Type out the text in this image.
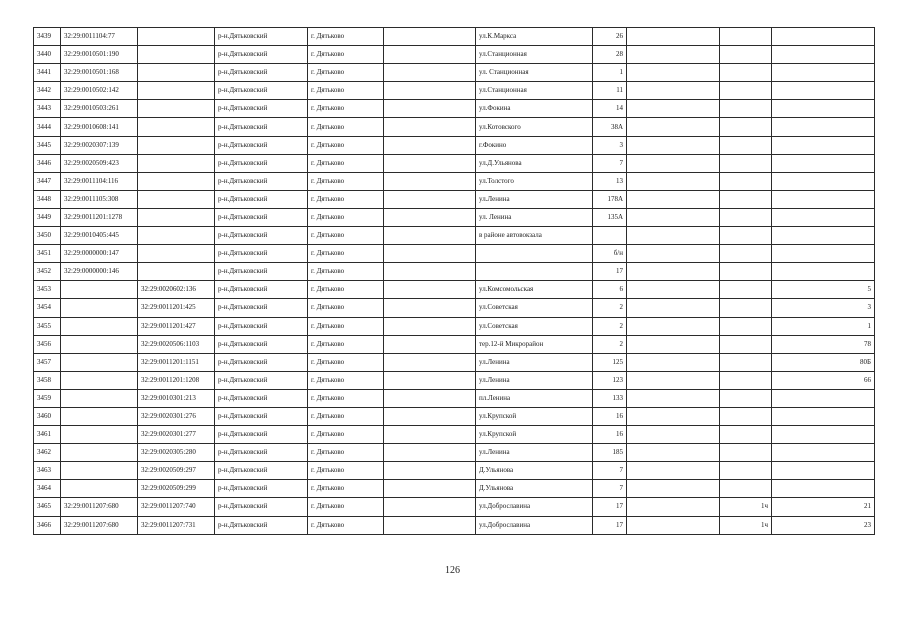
3439	32:29:0011104:77		р-н.Дятьковский	г. Дятьково		ул.К.Маркса	26			
3440	32:29:0010501:190		р-н.Дятьковский	г. Дятьково		ул.Станционная	28			
3441	32:29:0010501:168		р-н.Дятьковский	г. Дятьково		ул. Станционная	1			
3442	32:29:0010502:142		р-н.Дятьковский	г. Дятьково		ул.Станционная	11			
3443	32:29:0010503:261		р-н.Дятьковский	г. Дятьково		ул.Фокина	14			
3444	32:29:0010608:141		р-н.Дятьковский	г. Дятьково		ул.Котовского	38А			
3445	32:29:0020307:139		р-н.Дятьковский	г. Дятьково		г.Фокино	3			
3446	32:29:0020509:423		р-н.Дятьковский	г. Дятьково		ул.Д.Ульянова	7			
3447	32:29:0011104:116		р-н.Дятьковский	г. Дятьково		ул.Толстого	13			
3448	32:29:0011105:308		р-н.Дятьковский	г. Дятьково		ул.Ленина	178А			
3449	32:29:0011201:1278		р-н.Дятьковский	г. Дятьково		ул. Ленина	135А			
3450	32:29:0010405:445		р-н.Дятьковский	г. Дятьково		в районе автовокзала				
3451	32:29:0000000:147		р-н.Дятьковский	г. Дятьково			б/н			
3452	32:29:0000000:146		р-н.Дятьковский	г. Дятьково			17			
3453		32:29:0020602:136	р-н.Дятьковский	г. Дятьково		ул.Комсомольская	6			5
3454		32:29:0011201:425	р-н.Дятьковский	г. Дятьково		ул.Советская	2			3
3455		32:29:0011201:427	р-н.Дятьковский	г. Дятьково		ул.Советская	2			1
3456		32:29:0020506:1103	р-н.Дятьковский	г. Дятьково		тер.12-й Микрорайон	2			78
3457		32:29:0011201:1151	р-н.Дятьковский	г. Дятьково		ул.Ленина	125			80Б
3458		32:29:0011201:1208	р-н.Дятьковский	г. Дятьково		ул.Ленина	123			66
3459		32:29:0010301:213	р-н.Дятьковский	г. Дятьково		пл.Ленина	133			
3460		32:29:0020301:276	р-н.Дятьковский	г. Дятьково		ул.Крупской	16			
3461		32:29:0020301:277	р-н.Дятьковский	г. Дятьково		ул.Крупской	16			
3462		32:29:0020305:280	р-н.Дятьковский	г. Дятьково		ул.Ленина	185			
3463		32:29:0020509:297	р-н.Дятьковский	г. Дятьково		Д.Ульянова	7			
3464		32:29:0020509:299	р-н.Дятьковский	г. Дятьково		Д.Ульянова	7			
3465	32:29:0011207:680	32:29:0011207:740	р-н.Дятьковский	г. Дятьково		ул.Доброславина	17		1ч	21
3466	32:29:0011207:680	32:29:0011207:731	р-н.Дятьковский	г. Дятьково		ул.Доброславина	17		1ч	23
126
